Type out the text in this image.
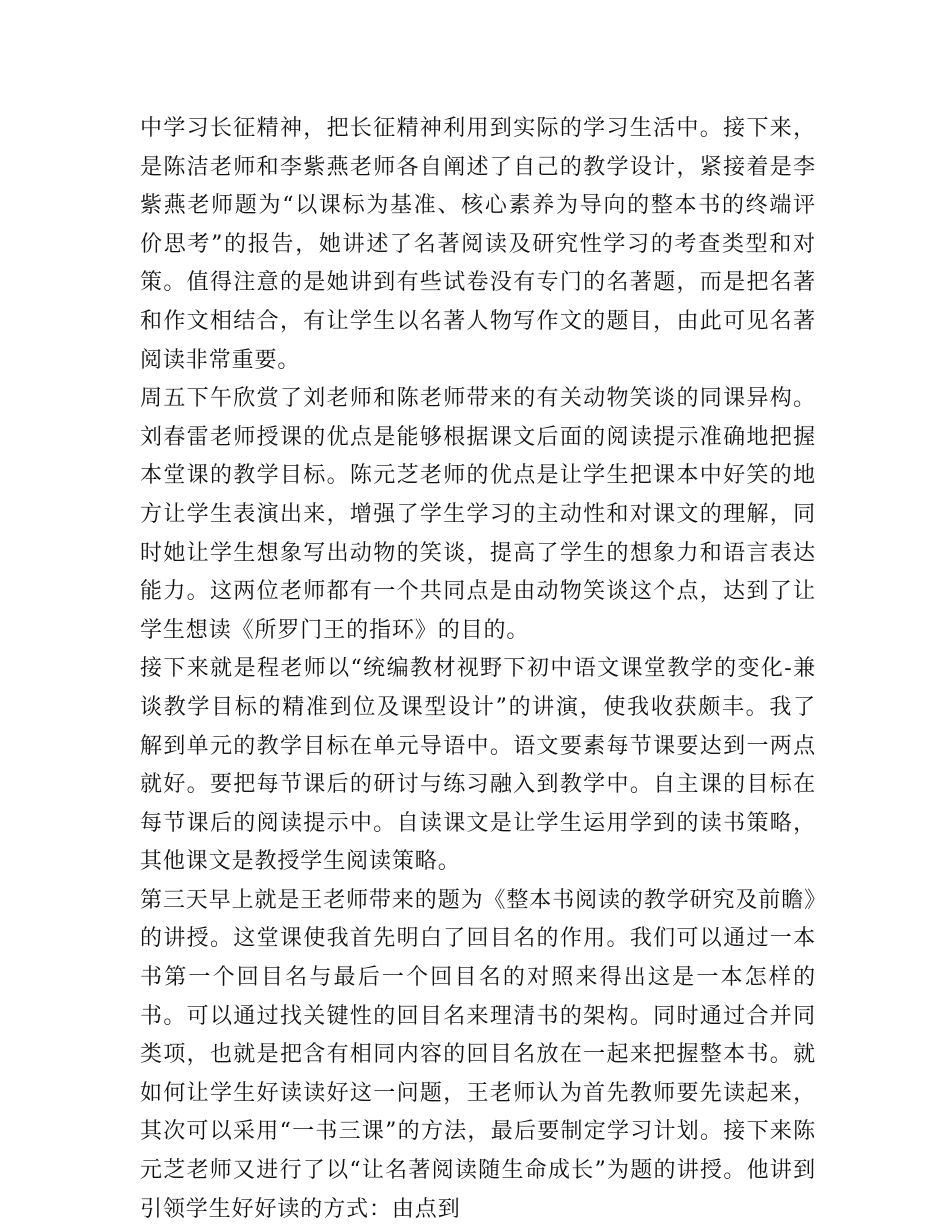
中学习长征精神，把长征精神利用到实际的学习生活中。接下来，是陈洁老师和李紫燕老师各自阐述了自己的教学设计，紧接着是李紫燕老师题为“以课标为基准、核心素养为导向的整本书的终端评价思考”的报告，她讲述了名著阅读及研究性学习的考查类型和对策。值得注意的是她讲到有些试卷没有专门的名著题，而是把名著和作文相结合，有让学生以名著人物写作文的题目，由此可见名著阅读非常重要。

周五下午欣赏了刘老师和陈老师带来的有关动物笑谈的同课异构。刘春雷老师授课的优点是能够根据课文后面的阅读提示准确地把握本堂课的教学目标。陈元芝老师的优点是让学生把课本中好笑的地方让学生表演出来，增强了学生学习的主动性和对课文的理解，同时她让学生想象写出动物的笑谈，提高了学生的想象力和语言表达能力。这两位老师都有一个共同点是由动物笑谈这个点，达到了让学生想读《所罗门王的指环》的目的。

接下来就是程老师以“统编教材视野下初中语文课堂教学的变化-兼谈教学目标的精准到位及课型设计”的讲演，使我收获颇丰。我了解到单元的教学目标在单元导语中。语文要素每节课要达到一两点就好。要把每节课后的研讨与练习融入到教学中。自主课的目标在每节课后的阅读提示中。自读课文是让学生运用学到的读书策略，其他课文是教授学生阅读策略。

第三天早上就是王老师带来的题为《整本书阅读的教学研究及前瞻》的讲授。这堂课使我首先明白了回目名的作用。我们可以通过一本书第一个回目名与最后一个回目名的对照来得出这是一本怎样的书。可以通过找关键性的回目名来理清书的架构。同时通过合并同类项，也就是把含有相同内容的回目名放在一起来把握整本书。就如何让学生好读读好这一问题，王老师认为首先教师要先读起来，其次可以采用“一书三课”的方法，最后要制定学习计划。接下来陈元芝老师又进行了以“让名著阅读随生命成长”为题的讲授。他讲到引领学生好好读的方式：由点到
